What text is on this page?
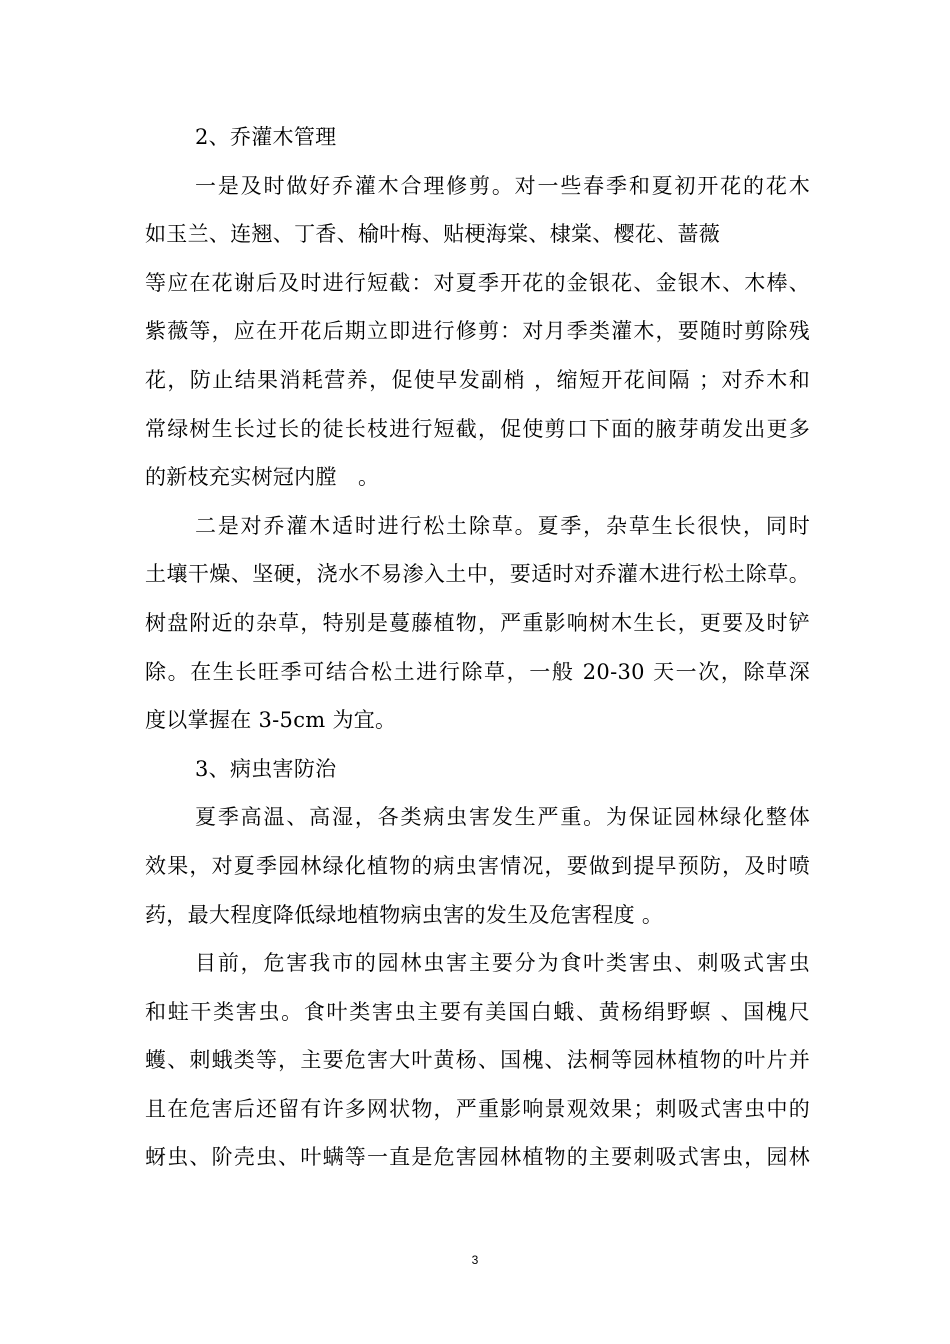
2、乔灌木管理
一是及时做好乔灌木合理修剪。对一些春季和夏初开花的花木
如玉兰、连翘、丁香、榆叶梅、贴梗海棠、棣棠、樱花、蔷薇
等应在花谢后及时进行短截：对夏季开花的金银花、金银木、木棒、
紫薇等，应在开花后期立即进行修剪：对月季类灌木，要随时剪除残
花，防止结果消耗营养，促使早发副梢 ，缩短开花间隔 ；对乔木和
常绿树生长过长的徒长枝进行短截，促使剪口下面的腋芽萌发出更多
的新枝充实树冠内膛　。
二是对乔灌木适时进行松土除草。夏季，杂草生长很快，同时
土壤干燥、坚硬，浇水不易渗入土中，要适时对乔灌木进行松土除草。
树盘附近的杂草，特别是蔓藤植物，严重影响树木生长，更要及时铲
除。在生长旺季可结合松土进行除草，一般 20-30 天一次，除草深
度以掌握在 3-5cm 为宜。
3、病虫害防治
夏季高温、高湿，各类病虫害发生严重。为保证园林绿化整体
效果，对夏季园林绿化植物的病虫害情况，要做到提早预防，及时喷
药，最大程度降低绿地植物病虫害的发生及危害程度 。
目前，危害我市的园林虫害主要分为食叶类害虫、刺吸式害虫
和蛀干类害虫。食叶类害虫主要有美国白蛾、黄杨绢野螟 、国槐尺
蠖、刺蛾类等，主要危害大叶黄杨、国槐、法桐等园林植物的叶片并
且在危害后还留有许多网状物，严重影响景观效果；刺吸式害虫中的
蚜虫、阶壳虫、叶螨等一直是危害园林植物的主要刺吸式害虫，园林
3
